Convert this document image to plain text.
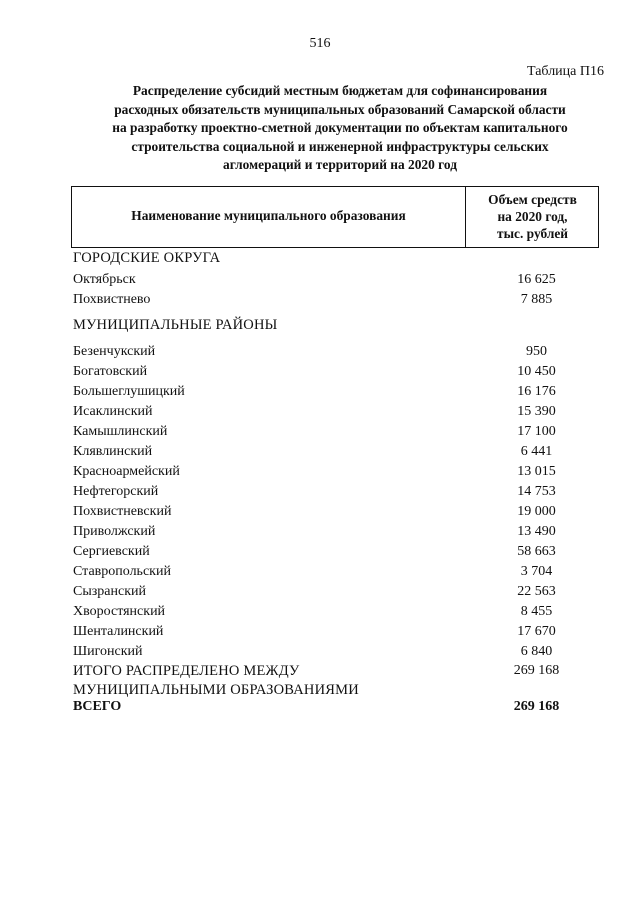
516
Таблица П16
Распределение субсидий местным бюджетам для софинансирования
расходных обязательств муниципальных образований Самарской области
на разработку проектно-сметной документации по объектам капитального
строительства социальной и инженерной инфраструктуры сельских
агломераций и территорий на 2020 год
Наименование муниципального образования
Объем средств
на 2020 год,
тыс. рублей
ГОРОДСКИЕ ОКРУГА
Октябрьск	16 625
Похвистнево	7 885
МУНИЦИПАЛЬНЫЕ РАЙОНЫ
Безенчукский	950
Богатовский	10 450
Большеглушицкий	16 176
Исаклинский	15 390
Камышлинский	17 100
Клявлинский	6 441
Красноармейский	13 015
Нефтегорский	14 753
Похвистневский	19 000
Приволжский	13 490
Сергиевский	58 663
Ставропольский	3 704
Сызранский	22 563
Хворостянский	8 455
Шенталинский	17 670
Шигонский	6 840
ИТОГО РАСПРЕДЕЛЕНО МЕЖДУ	269 168
МУНИЦИПАЛЬНЫМИ ОБРАЗОВАНИЯМИ
ВСЕГО	269 168
